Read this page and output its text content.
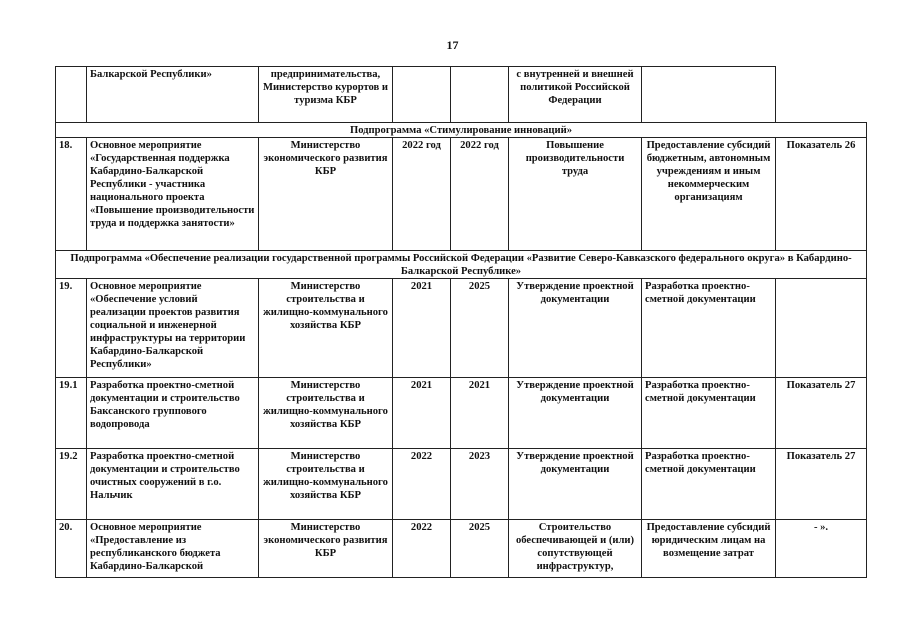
17
	Балкарской Республики»	предпринимательства, Министерство курортов и туризма КБР			с внутренней и внешней политикой Российской Федерации		
Подпрограмма «Стимулирование инноваций»							
18.	Основное мероприятие «Государственная поддержка Кабардино-Балкарской Республики - участника национального проекта «Повышение производительности труда и поддержка занятости»	Министерство экономического развития КБР	2022 год	2022 год	Повышение производительности труда	Предоставление субсидий бюджетным, автономным учреждениям и иным некоммерческим организациям	Показатель 26
Подпрограмма «Обеспечение реализации государственной программы Российской Федерации «Развитие Северо-Кавказского федерального округа» в Кабардино-Балкарской Республике»							
19.	Основное мероприятие «Обеспечение условий реализации проектов развития социальной и инженерной инфраструктуры на территории Кабардино-Балкарской Республики»	Министерство строительства и жилищно-коммунального хозяйства КБР	2021	2025	Утверждение проектной документации	Разработка проектно-сметной документации	
19.1	Разработка проектно-сметной документации и строительство Баксанского группового водопровода	Министерство строительства и жилищно-коммунального хозяйства КБР	2021	2021	Утверждение проектной документации	Разработка проектно-сметной документации	Показатель 27
19.2	Разработка проектно-сметной документации и строительство очистных сооружений в г.о. Нальчик	Министерство строительства и жилищно-коммунального хозяйства КБР	2022	2023	Утверждение проектной документации	Разработка проектно-сметной документации	Показатель 27
20.	Основное мероприятие «Предоставление из республиканского бюджета Кабардино-Балкарской	Министерство экономического развития КБР	2022	2025	Строительство обеспечивающей и (или) сопутствующей инфраструктур,	Предоставление субсидий юридическим лицам на возмещение затрат	- ».
